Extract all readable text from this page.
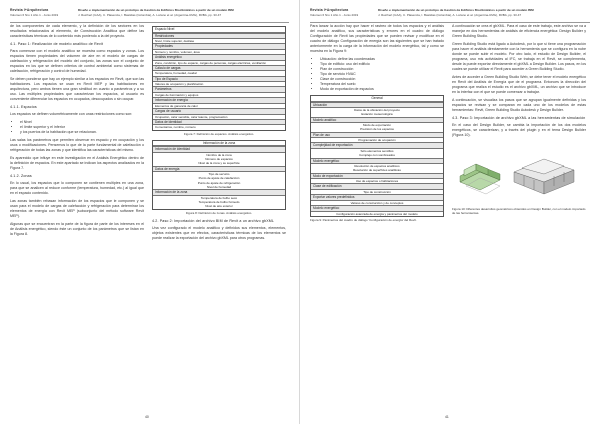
Revista I+Arquitectura
Volumen 6 Nro 1 Año 1 - Junio 2019
Diseño e implementación de un prototipo de Gestión de Edificios Bioclimáticos a partir de un modelo BIM
J. Reichert (UAA), C. Plasencia, I. Bastidas (Colombia), A. Lozano et al. (Argentina-UMG), FRBA, pp. 33-47

de los componentes de cada elemento, y la definición de los sectores en los resultados relacionados al elemento, de Construcción Analítica que define las características térmicas de lo contenido más poniendo a la del proyecto.

4.1. Paso 1: Realización de modelo analítico de Revit

Para comenzar con el modelo analítico se muestra como espacios y zonas. Los espacios tienen propiedades del volumen de aire en el modelo de cargas de calefacción y refrigeración del modelo del conjunto, las zonas son el conjunto de espacios en los que se definen criterios de control ambiental como sistemas de calefacción, refrigeración y control de humedad.

Se deben ponderar que hay un ejemplo similar a los espacios en Revit, que son las habitaciones. Los espacios se usan en Revit MEP y las habitaciones en arquitectura, pero ambos tienen una gran similitud en cuanto a parámetros y a su uso. Las múltiples propiedades que caracterizan los espacios, al usuario es conveniente diferenciar los espacios en ocupados, desocupados o sin ocupar.

4.1.1. Espacios

Los espacios se definen volumétricamente con unas restricciones como son:

• el Nivel
• el límite superior y el inferior
• y los puertos de la habitación que se relacionan.

Las salas los parámetros que permiten observar en espacio y en ocupación y los usos o modificaciones. Pensemos lo que de la parte fundamental de calefacción o refrigeración de todas las zonas y que identifica las características del mismo.

Es aparecido que influye en este investigación en el Análisis Energético dentro de la definición de espacios. En este apartado se indican los aspectos analizados en la Figura 7.

4.1.2. Zonas

En lo usual, los espacios que lo componen se contienen multiples en una zona, para que se analicen al reduce conforme (temperatura, humedad, etc.) al igual que en el espacio contenido.

Las zonas también rebasan información de los espacios que le componen y se usan para el modelo de cargas de calefacción y refrigeración para determinar los elementos de energía con Revit MEP (subconjunto del método software Revit MEP).

Algunas que se encuentran en la parte de la figura de parte de los intereses en el de Análisis energético, siendo éste un conjunto de los parámetros que se listan en la Figura 8.

Espacio Nivel
Restricciones
Nivel, límite superior, desfase
Propiedades
Número y nombre, volumen, área
Análisis energético
Zona, condición, tipo de espacio, cargas de personas, cargas eléctricas, ventilación
Cálculo de cargas
Temperatura, humedad, caudal
Tipo de Espacio
Valores de ocupación y planificación
Parámetros
Cargas de iluminación y equipos
Información de energía
Elementos de ganancia de calor
Cargas de usuario
Ocupación, calor sensible, calor latente, programación
Datos de identidad
Comentarios, nombre, número
Figura 7: Definición de espacios. Análisis energético.
Información de la zona
Información de identidad
Nombre de la zona
Número de espacios
Nivel de la zona y su superficie
Datos de energía
Tipo de servicio
Punto de ajuste de calefacción
Punto de ajuste de refrigeración
Nivel de humedad
Información de la zona
Temperatura de bulbo seco
Temperatura de bulbo húmedo
Nivel de aire exterior
Figura 8: Definición de zonas. Análisis energético.
4.2. Paso 2: Importación del archivo BIM de Revit a un archivo gbXML

Una vez configurado el modelo analítico y definidos sus elementos, elementos, objetos existentes que en efectos, características térmicas de los elementos se puede realizar la exportación del archivo gbXML para otros programas.

40
Revista I+Arquitectura
Volumen 6 Nro 1 Año 1 - Junio 2019
Diseño e implementación de un prototipo de Gestión de Edificios Bioclimáticos a partir de un modelo BIM
J. Reichert (UAA), C. Plasencia, I. Bastidas (Colombia), A. Lozano et al. (Argentina-UMG), FRBA, pp. 33-47

Para lanzar la acción hay que hacer el rastreo de todos los espacios y el análisis del modelo analítico, sus características y errores en el cuadro de diálogo Configuración de Revit las propiedades que se pueden revisar y modificar en el cuadro de diálogo Configuración de energía son las siguientes que se han tratado anteriormente en la carga de la información del modelo energético, tal y como se muestra en la Figura 9:

• Ubicación: define las coordenadas
• Tipo de edificio: uso del edificio
• Plan de construcción
• Tipo de servicio HVAC
• Clase de construcción
• Temperatura del suelo
• Modo de exportación de espacios
General
Ubicación
Datos de la ubicación del proyecto
Estación meteorológica
Modelo analítico
Modo de exportación
Precisión de los espacios
Plan de uso
Programación de ocupación
Complejidad de exportación
Sólo elementos sencillos
Complejo con sombreados
Modelo energético
Resolución de espacios analíticos
Resolución de superficies analíticas
Modo de exportación
Uso de espacios o habitaciones
Clase de edificación
Tipo de construcción
Exportar valores predefinidos
Valores de construcción y de conceptos
Modelo energético
Configuración avanzada de energía y parámetros del modelo
Figura 9: Parámetros del cuadro de diálogo 'Configuración de energía' del Revit.

A continuación se crea el gbXML. Para el caso de este trabajo, este archivo se va a manejar en dos herramientas de análisis de eficiencia energética: Design Builder y Green Building Studio.

Green Building Studio está ligado a Autodesk, por lo que sí tiene una programación para hacer el análisis directamente con la herramienta que se configura en la nube donde se puede subir el modelo. Por otro lado, el estudio de Design Builder, el programa, uso mis actividades al IFC, se trabaja en el Revit, se complementa, desde la puede exportar directamente el gbXML a Design Builder. Los pasos, en los cuales se puede utilizar el Revit para acceder a Green Building Studio.

Antes de acceder a Green Building Studio Web, se debe tener el modelo energético en Revit del Análisis de Energía que de el programa. Entonces la dirección del programa que realiza el estudio es el archivo gbXML, un archivo que se introduce en la interfaz con el que se puede comenzar a trabajar.

A continuación, se visualiza los pasos que se agrupan igualmente definidas y los espacios se revisan y se comparan en cada uno de los modelos de estas herramientas: Revit, Green Building Studio Autodesk y Design Builder.

4.3. Paso 3: Importación de archivo gbXML a las herramientas de simulación

En el caso del Design Builder, se cambia la importación de los dos modelos energéticos, se caracterizan, y a través del plugin y en el tema Design Builder (Figura 10).

Figura 10: Diferentes desarrollos geométricos obtenidos en Design Builder, con el modelo importado de las herramientas.
41
